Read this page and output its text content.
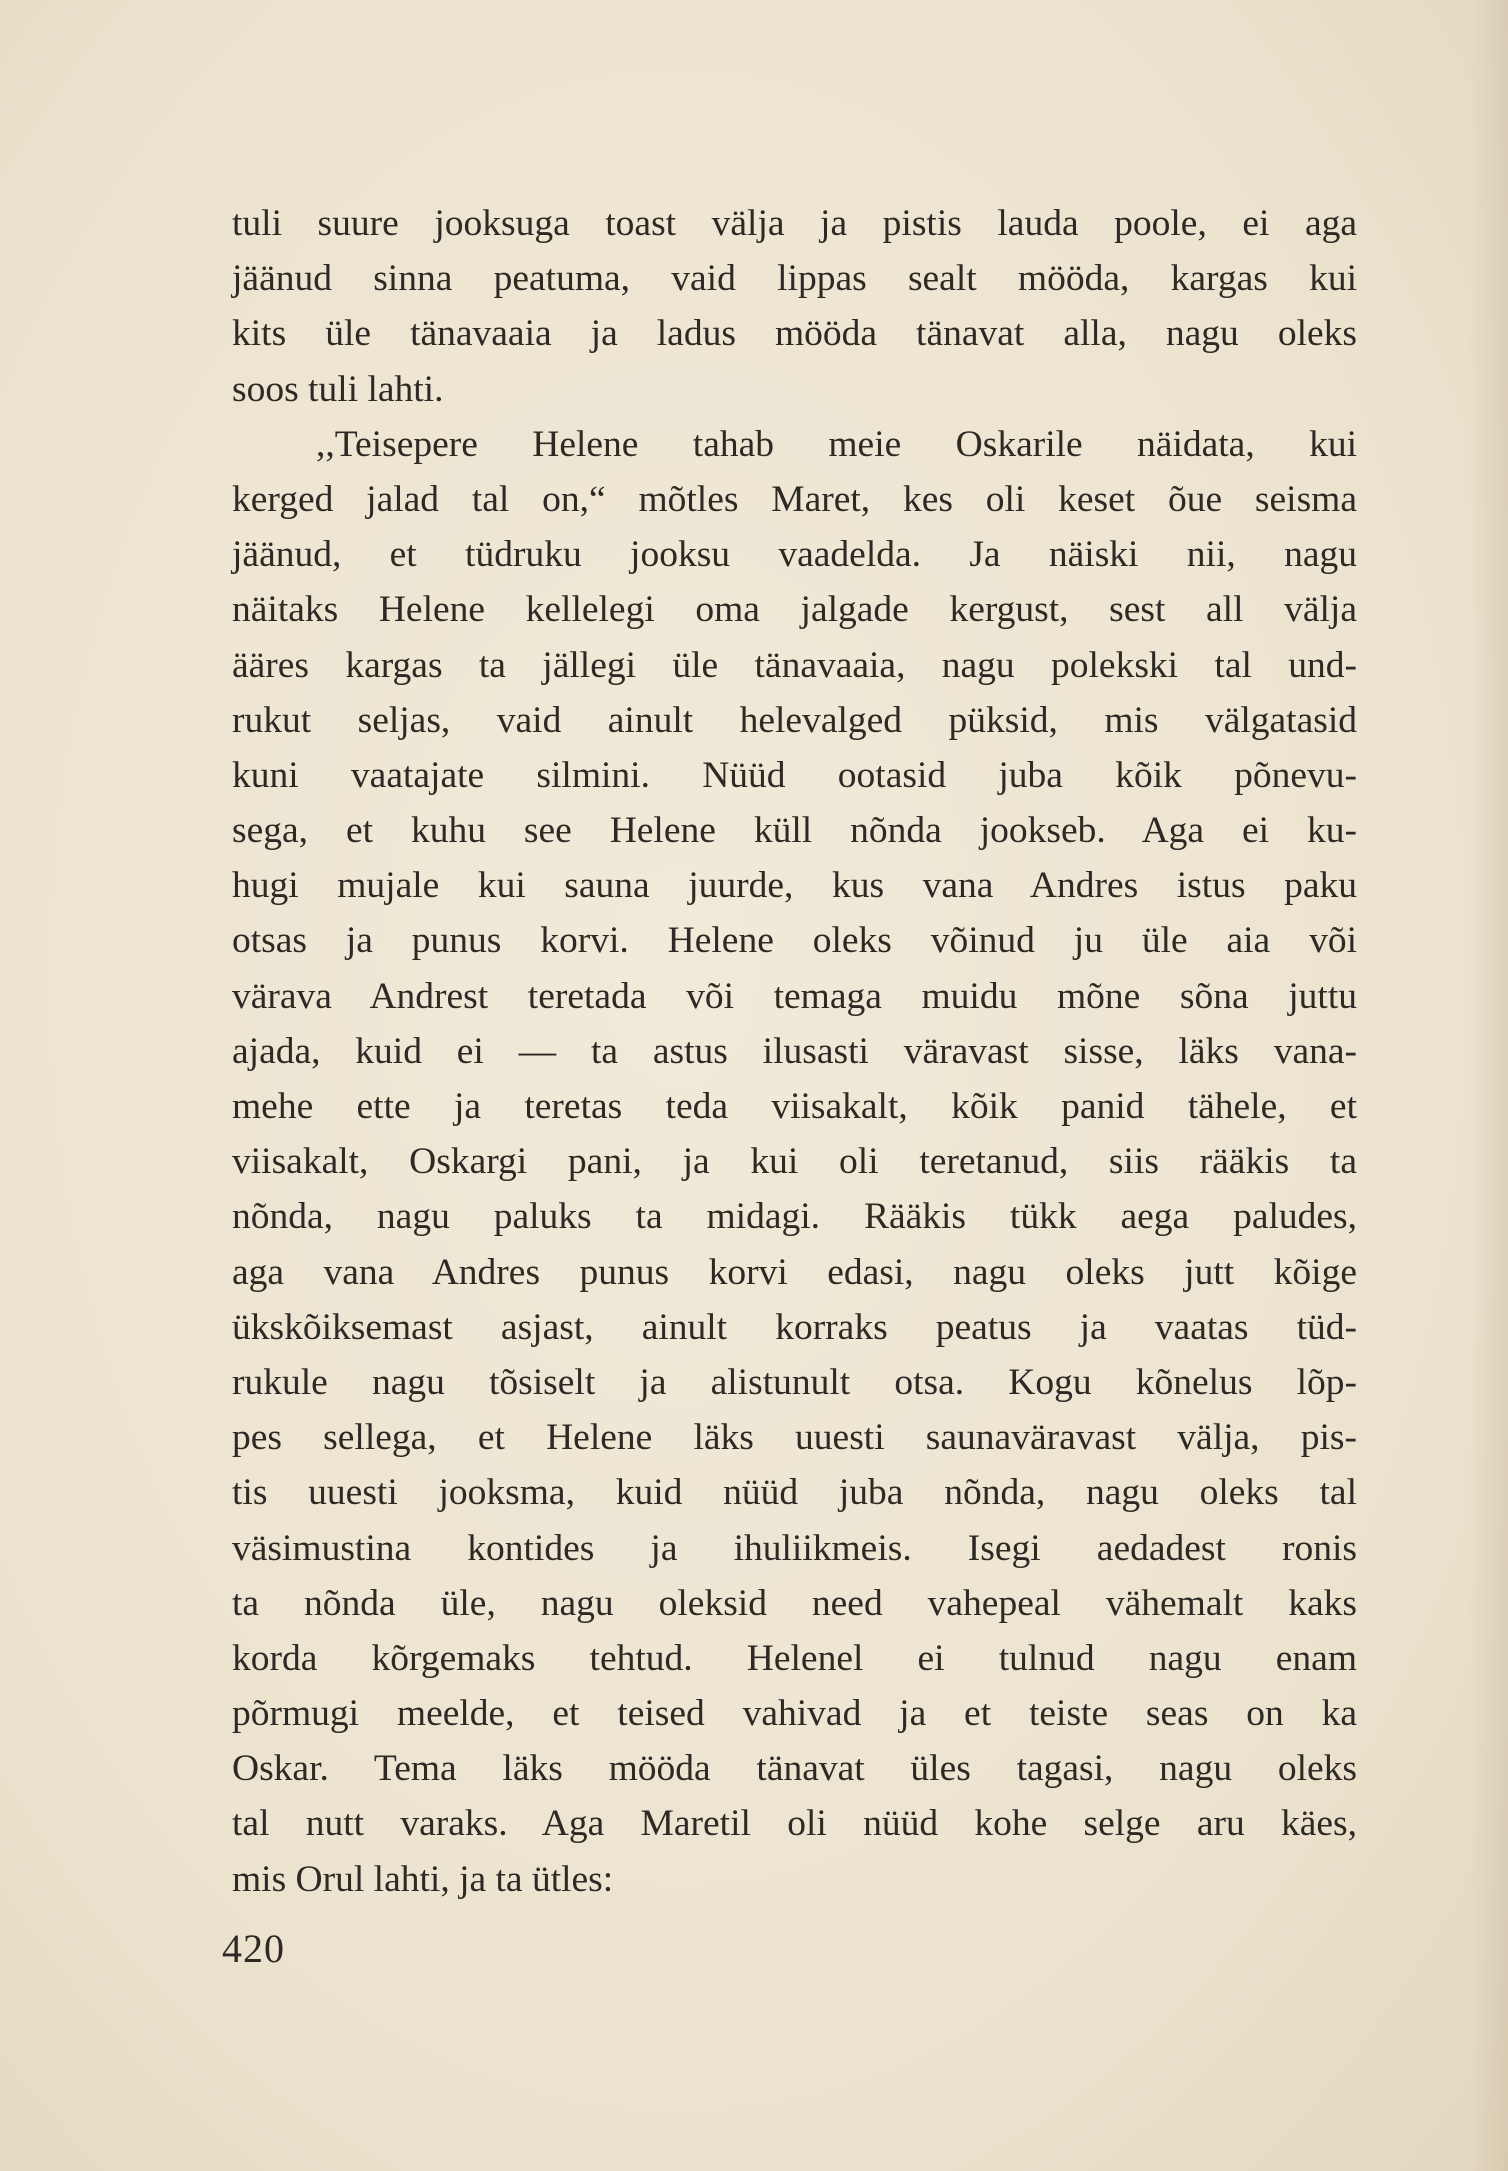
tuli suure jooksuga toast välja ja pistis lauda poole, ei aga
jäänud sinna peatuma, vaid lippas sealt mööda, kargas kui
kits üle tänavaaia ja ladus mööda tänavat alla, nagu oleks
soos tuli lahti.
,,Teisepere Helene tahab meie Oskarile näidata, kui
kerged jalad tal on,“ mõtles Maret, kes oli keset õue seisma
jäänud, et tüdruku jooksu vaadelda. Ja näiski nii, nagu
näitaks Helene kellelegi oma jalgade kergust, sest all välja
ääres kargas ta jällegi üle tänavaaia, nagu polekski tal und-
rukut seljas, vaid ainult helevalged püksid, mis välgatasid
kuni vaatajate silmini. Nüüd ootasid juba kõik põnevu-
sega, et kuhu see Helene küll nõnda jookseb. Aga ei ku-
hugi mujale kui sauna juurde, kus vana Andres istus paku
otsas ja punus korvi. Helene oleks võinud ju üle aia või
värava Andrest teretada või temaga muidu mõne sõna juttu
ajada, kuid ei — ta astus ilusasti väravast sisse, läks vana-
mehe ette ja teretas teda viisakalt, kõik panid tähele, et
viisakalt, Oskargi pani, ja kui oli teretanud, siis rääkis ta
nõnda, nagu paluks ta midagi. Rääkis tükk aega paludes,
aga vana Andres punus korvi edasi, nagu oleks jutt kõige
ükskõiksemast asjast, ainult korraks peatus ja vaatas tüd-
rukule nagu tõsiselt ja alistunult otsa. Kogu kõnelus lõp-
pes sellega, et Helene läks uuesti saunaväravast välja, pis-
tis uuesti jooksma, kuid nüüd juba nõnda, nagu oleks tal
väsimustina kontides ja ihuliikmeis. Isegi aedadest ronis
ta nõnda üle, nagu oleksid need vahepeal vähemalt kaks
korda kõrgemaks tehtud. Helenel ei tulnud nagu enam
põrmugi meelde, et teised vahivad ja et teiste seas on ka
Oskar. Tema läks mööda tänavat üles tagasi, nagu oleks
tal nutt varaks. Aga Maretil oli nüüd kohe selge aru käes,
mis Orul lahti, ja ta ütles:
420
